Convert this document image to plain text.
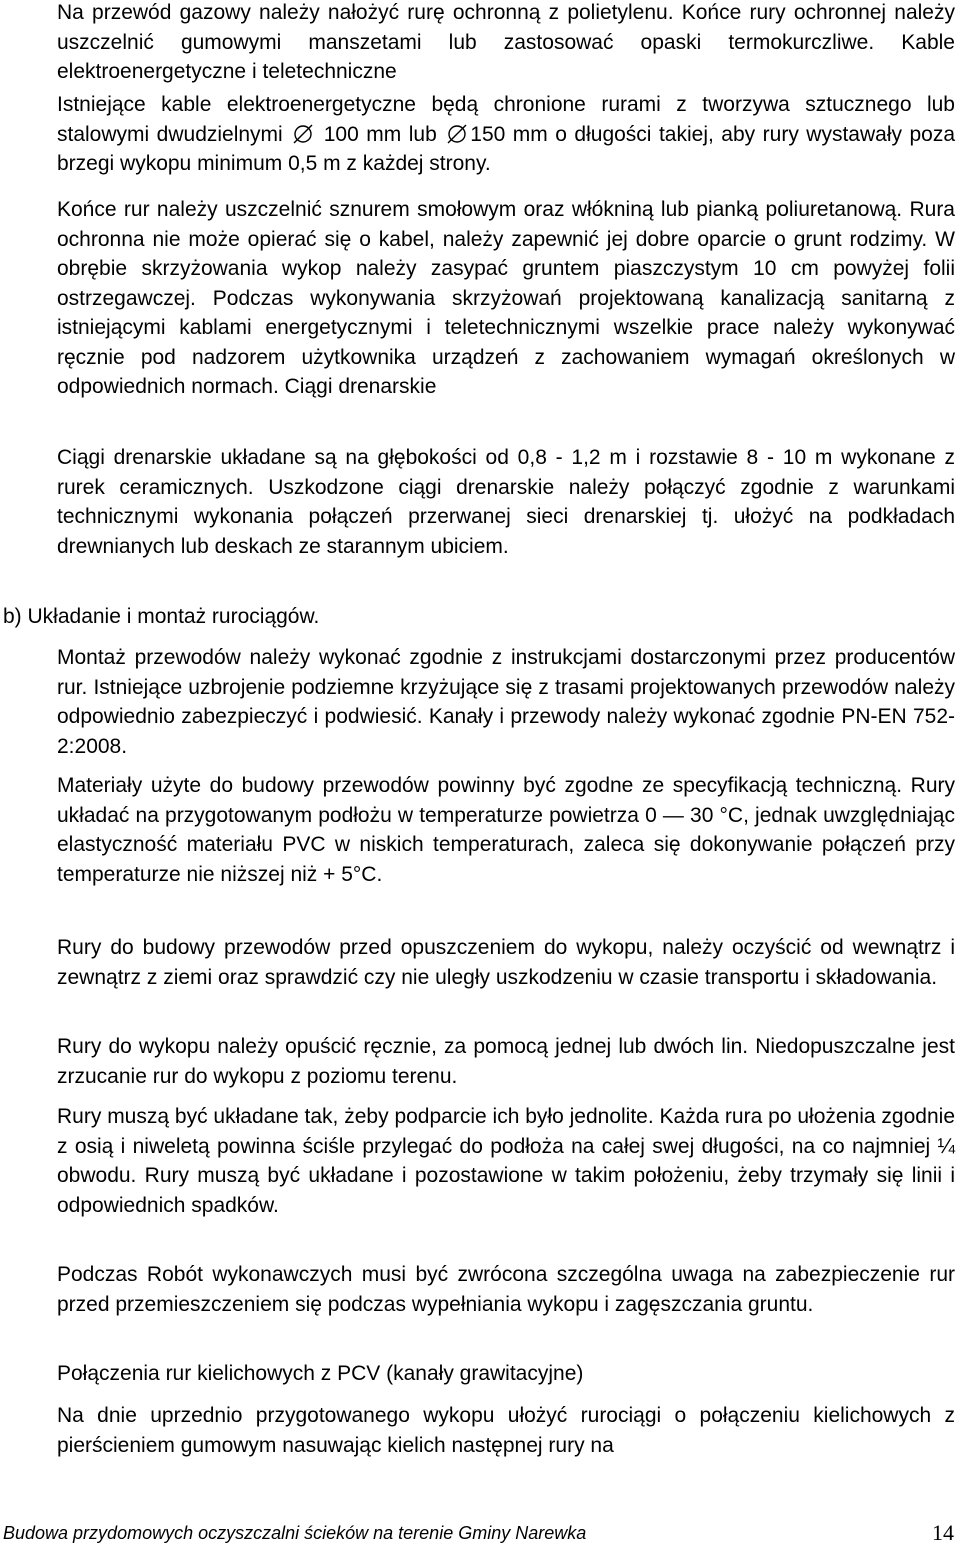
Na przewód gazowy należy nałożyć rurę ochronną z polietylenu. Końce rury ochronnej należy uszczelnić gumowymi manszetami lub zastosować opaski termokurczliwe. Kable elektroenergetyczne i teletechniczne

Istniejące kable elektroenergetyczne będą chronione rurami z tworzywa sztucznego lub stalowymi dwudzielnymi 100 mm lub 150 mm o długości takiej, aby rury wystawały poza brzegi wykopu minimum 0,5 m z każdej strony.

Końce rur należy uszczelnić sznurem smołowym oraz włókniną lub pianką poliuretanową. Rura ochronna nie może opierać się o kabel, należy zapewnić jej dobre oparcie o grunt rodzimy. W obrębie skrzyżowania wykop należy zasypać gruntem piaszczystym 10 cm powyżej folii ostrzegawczej. Podczas wykonywania skrzyżowań projektowaną kanalizacją sanitarną z istniejącymi kablami energetycznymi i teletechnicznymi wszelkie prace należy wykonywać ręcznie pod nadzorem użytkownika urządzeń z zachowaniem wymagań określonych w odpowiednich normach. Ciągi drenarskie

Ciągi drenarskie układane są na głębokości od 0,8 - 1,2 m i rozstawie 8 - 10 m wykonane z rurek ceramicznych. Uszkodzone ciągi drenarskie należy połączyć zgodnie z warunkami technicznymi wykonania połączeń przerwanej sieci drenarskiej tj. ułożyć na podkładach drewnianych lub deskach ze starannym ubiciem.

b) Układanie i montaż rurociągów.

Montaż przewodów należy wykonać zgodnie z instrukcjami dostarczonymi przez producentów rur. Istniejące uzbrojenie podziemne krzyżujące się z trasami projektowanych przewodów należy odpowiednio zabezpieczyć i podwiesić. Kanały i przewody należy wykonać zgodnie PN-EN 752-2:2008.

Materiały użyte do budowy przewodów powinny być zgodne ze specyfikacją techniczną. Rury układać na przygotowanym podłożu w temperaturze powietrza 0 — 30 °C, jednak uwzględniając elastyczność materiału PVC w niskich temperaturach, zaleca się dokonywanie połączeń przy temperaturze nie niższej niż + 5°C.

Rury do budowy przewodów przed opuszczeniem do wykopu, należy oczyścić od wewnątrz i zewnątrz z ziemi oraz sprawdzić czy nie uległy uszkodzeniu w czasie transportu i składowania.

Rury do wykopu należy opuścić ręcznie, za pomocą jednej lub dwóch lin. Niedopuszczalne jest zrzucanie rur do wykopu z poziomu terenu.

Rury muszą być układane tak, żeby podparcie ich było jednolite. Każda rura po ułożenia zgodnie z osią i niweletą powinna ściśle przylegać do podłoża na całej swej długości, na co najmniej ¼ obwodu. Rury muszą być układane i pozostawione w takim położeniu, żeby trzymały się linii i odpowiednich spadków.

Podczas Robót wykonawczych musi być zwrócona szczególna uwaga na zabezpieczenie rur przed przemieszczeniem się podczas wypełniania wykopu i zagęszczania gruntu.

Połączenia rur kielichowych z PCV (kanały grawitacyjne)

Na dnie uprzednio przygotowanego wykopu ułożyć rurociągi o połączeniu kielichowych z pierścieniem gumowym nasuwając kielich następnej rury na

Budowa przydomowych oczyszczalni ścieków na terenie Gminy Narewka	14
